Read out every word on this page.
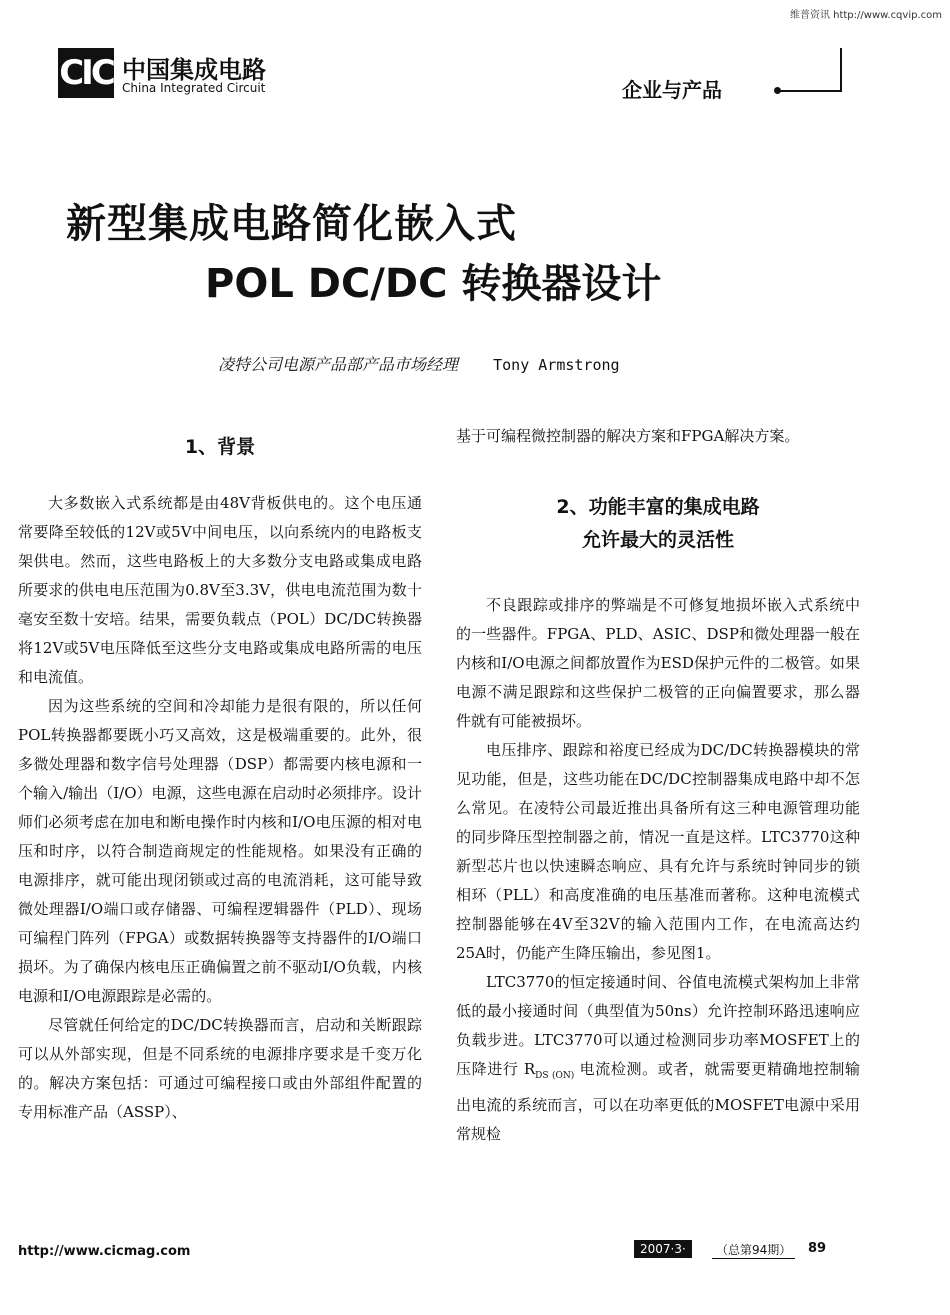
维普资讯 http://www.cqvip.com
CIC 中国集成电路
China Integrated Circuit	企业与产品
新型集成电路简化嵌入式
POL DC/DC 转换器设计
凌特公司电源产品部产品市场经理 Tony Armstrong
1、背景

大多数嵌入式系统都是由48V背板供电的。这个电压通常要降至较低的12V或5V中间电压，以向系统内的电路板支架供电。然而，这些电路板上的大多数分支电路或集成电路所要求的供电电压范围为0.8V至3.3V，供电电流范围为数十毫安至数十安培。结果，需要负载点（POL）DC/DC转换器将12V或5V电压降低至这些分支电路或集成电路所需的电压和电流值。

因为这些系统的空间和冷却能力是很有限的，所以任何POL转换器都要既小巧又高效，这是极端重要的。此外，很多微处理器和数字信号处理器（DSP）都需要内核电源和一个输入/输出（I/O）电源，这些电源在启动时必须排序。设计师们必须考虑在加电和断电操作时内核和I/O电压源的相对电压和时序，以符合制造商规定的性能规格。如果没有正确的电源排序，就可能出现闭锁或过高的电流消耗，这可能导致微处理器I/O端口或存储器、可编程逻辑器件（PLD）、现场可编程门阵列（FPGA）或数据转换器等支持器件的I/O端口损坏。为了确保内核电压正确偏置之前不驱动I/O负载，内核电源和I/O电源跟踪是必需的。

尽管就任何给定的DC/DC转换器而言，启动和关断跟踪可以从外部实现，但是不同系统的电源排序要求是千变万化的。解决方案包括：可通过可编程接口或由外部组件配置的专用标准产品（ASSP）、

基于可编程微控制器的解决方案和FPGA解决方案。

2、功能丰富的集成电路
允许最大的灵活性

不良跟踪或排序的弊端是不可修复地损坏嵌入式系统中的一些器件。FPGA、PLD、ASIC、DSP和微处理器一般在内核和I/O电源之间都放置作为ESD保护元件的二极管。如果电源不满足跟踪和这些保护二极管的正向偏置要求，那么器件就有可能被损坏。

电压排序、跟踪和裕度已经成为DC/DC转换器模块的常见功能，但是，这些功能在DC/DC控制器集成电路中却不怎么常见。在凌特公司最近推出具备所有这三种电源管理功能的同步降压型控制器之前，情况一直是这样。LTC3770这种新型芯片也以快速瞬态响应、具有允许与系统时钟同步的锁相环（PLL）和高度准确的电压基准而著称。这种电流模式控制器能够在4V至32V的输入范围内工作，在电流高达约25A时，仍能产生降压输出，参见图1。

LTC3770的恒定接通时间、谷值电流模式架构加上非常低的最小接通时间（典型值为50ns）允许控制环路迅速响应负载步进。LTC3770可以通过检测同步功率MOSFET上的压降进行 $R_{DS (ON)}$ 电流检测。或者，就需要更精确地控制输出电流的系统而言，可以在功率更低的MOSFET电源中采用常规检

http://www.cicmag.com	2007·3·	（总第94期）	89
